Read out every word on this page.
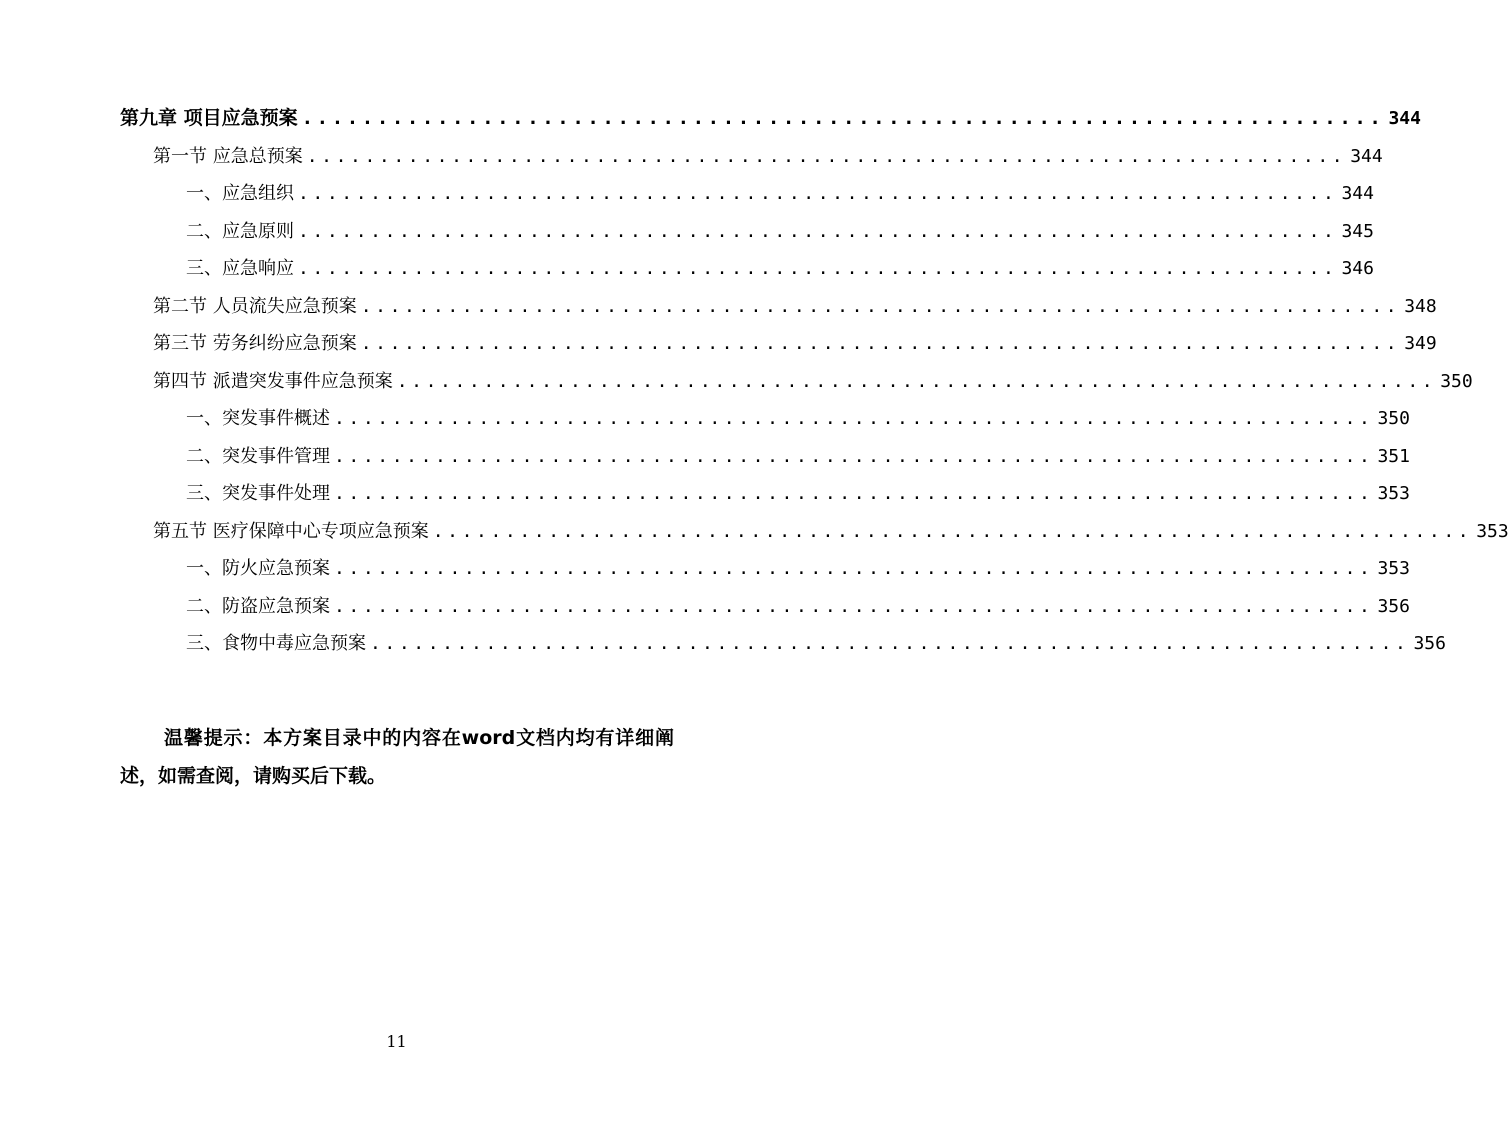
第九章 项目应急预案 ........................................................................ 344
第一节 应急总预案 ........................................................................ 344
一、应急组织 ........................................................................ 344
二、应急原则 ........................................................................ 345
三、应急响应 ........................................................................ 346
第二节 人员流失应急预案 ........................................................................ 348
第三节 劳务纠纷应急预案 ........................................................................ 349
第四节 派遣突发事件应急预案 ........................................................................ 350
一、突发事件概述 ........................................................................ 350
二、突发事件管理 ........................................................................ 351
三、突发事件处理 ........................................................................ 353
第五节 医疗保障中心专项应急预案 ........................................................................ 353
一、防火应急预案 ........................................................................ 353
二、防盗应急预案 ........................................................................ 356
三、食物中毒应急预案 ........................................................................ 356

温馨提示：本方案目录中的内容在word文档内均有详细阐述，如需查阅，请购买后下载。

11
